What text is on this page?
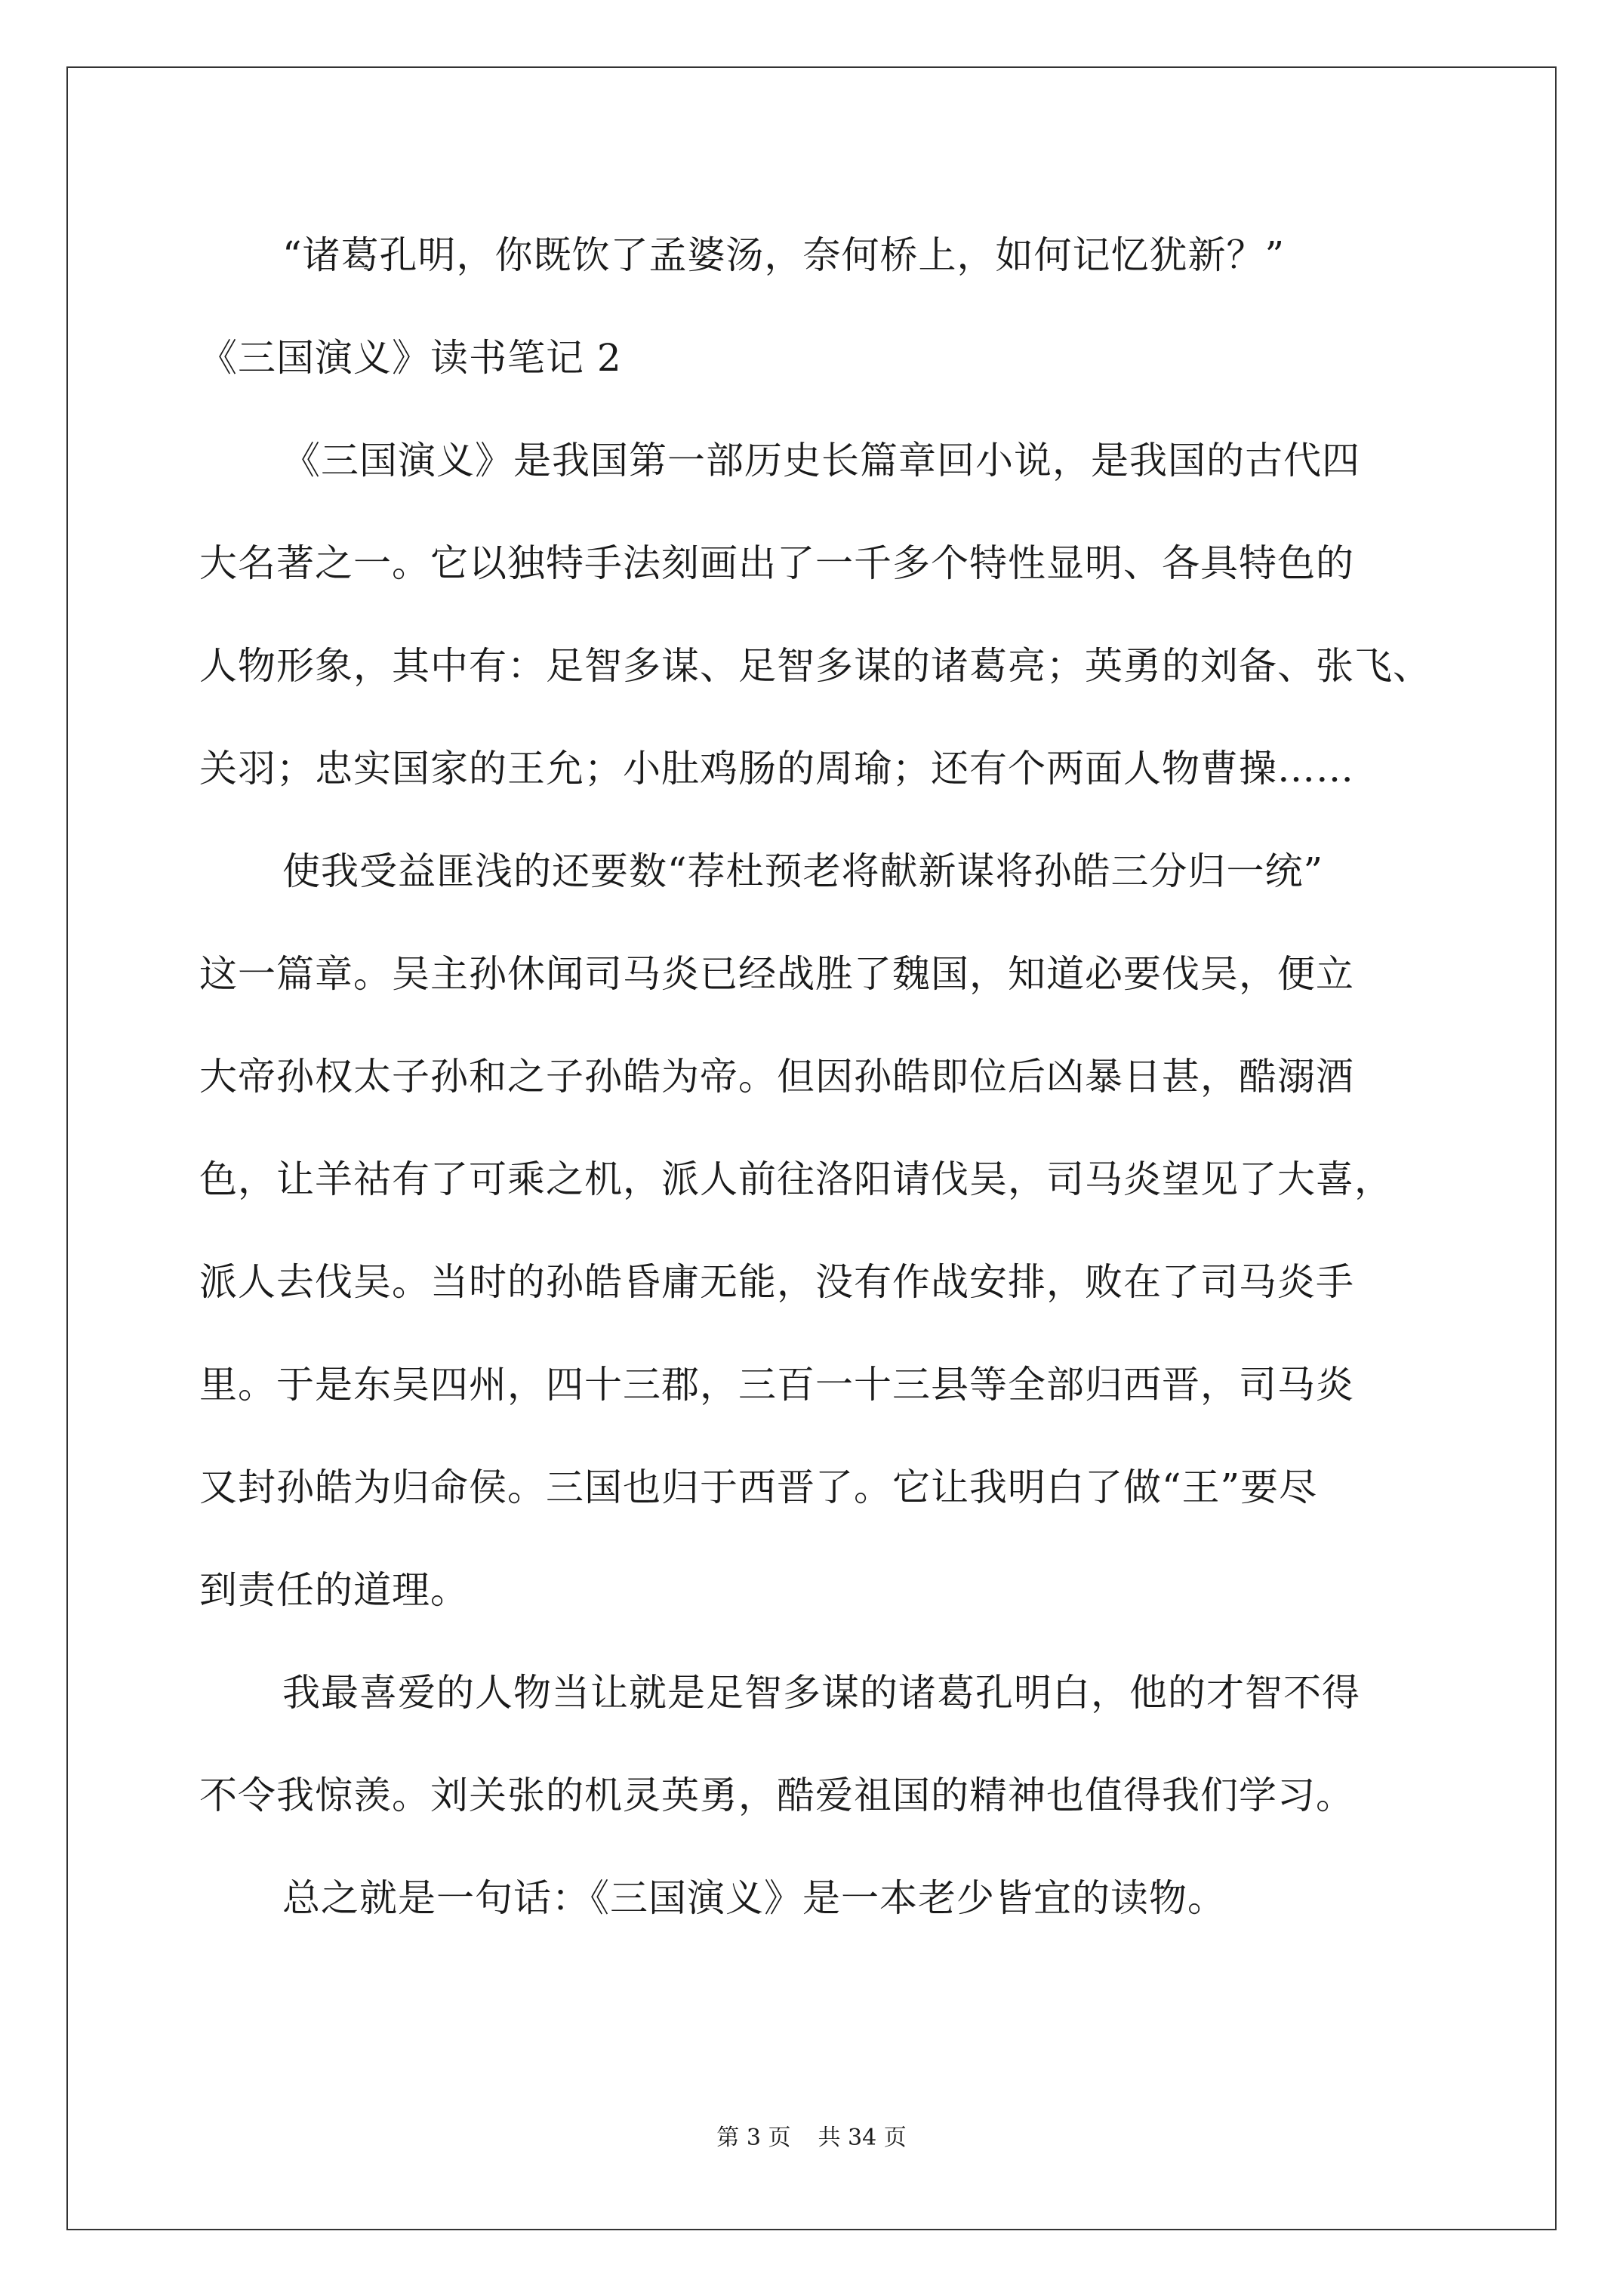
“诸葛孔明，你既饮了孟婆汤，奈何桥上，如何记忆犹新？”
《三国演义》读书笔记 2
《三国演义》是我国第一部历史长篇章回小说，是我国的古代四
大名著之一。它以独特手法刻画出了一千多个特性显明、各具特色的
人物形象，其中有：足智多谋、足智多谋的诸葛亮；英勇的刘备、张飞、
关羽；忠实国家的王允；小肚鸡肠的周瑜；还有个两面人物曹操……
使我受益匪浅的还要数“荐杜预老将献新谋将孙皓三分归一统”
这一篇章。吴主孙休闻司马炎已经战胜了魏国，知道必要伐吴，便立
大帝孙权太子孙和之子孙皓为帝。但因孙皓即位后凶暴日甚，酷溺酒
色，让羊祜有了可乘之机，派人前往洛阳请伐吴，司马炎望见了大喜，
派人去伐吴。当时的孙皓昏庸无能，没有作战安排，败在了司马炎手
里。于是东吴四州，四十三郡，三百一十三县等全部归西晋，司马炎
又封孙皓为归命侯。三国也归于西晋了。它让我明白了做“王”要尽
到责任的道理。
我最喜爱的人物当让就是足智多谋的诸葛孔明白，他的才智不得
不令我惊羡。刘关张的机灵英勇，酷爱祖国的精神也值得我们学习。
总之就是一句话：《三国演义》是一本老少皆宜的读物。
第 3 页 共 34 页
